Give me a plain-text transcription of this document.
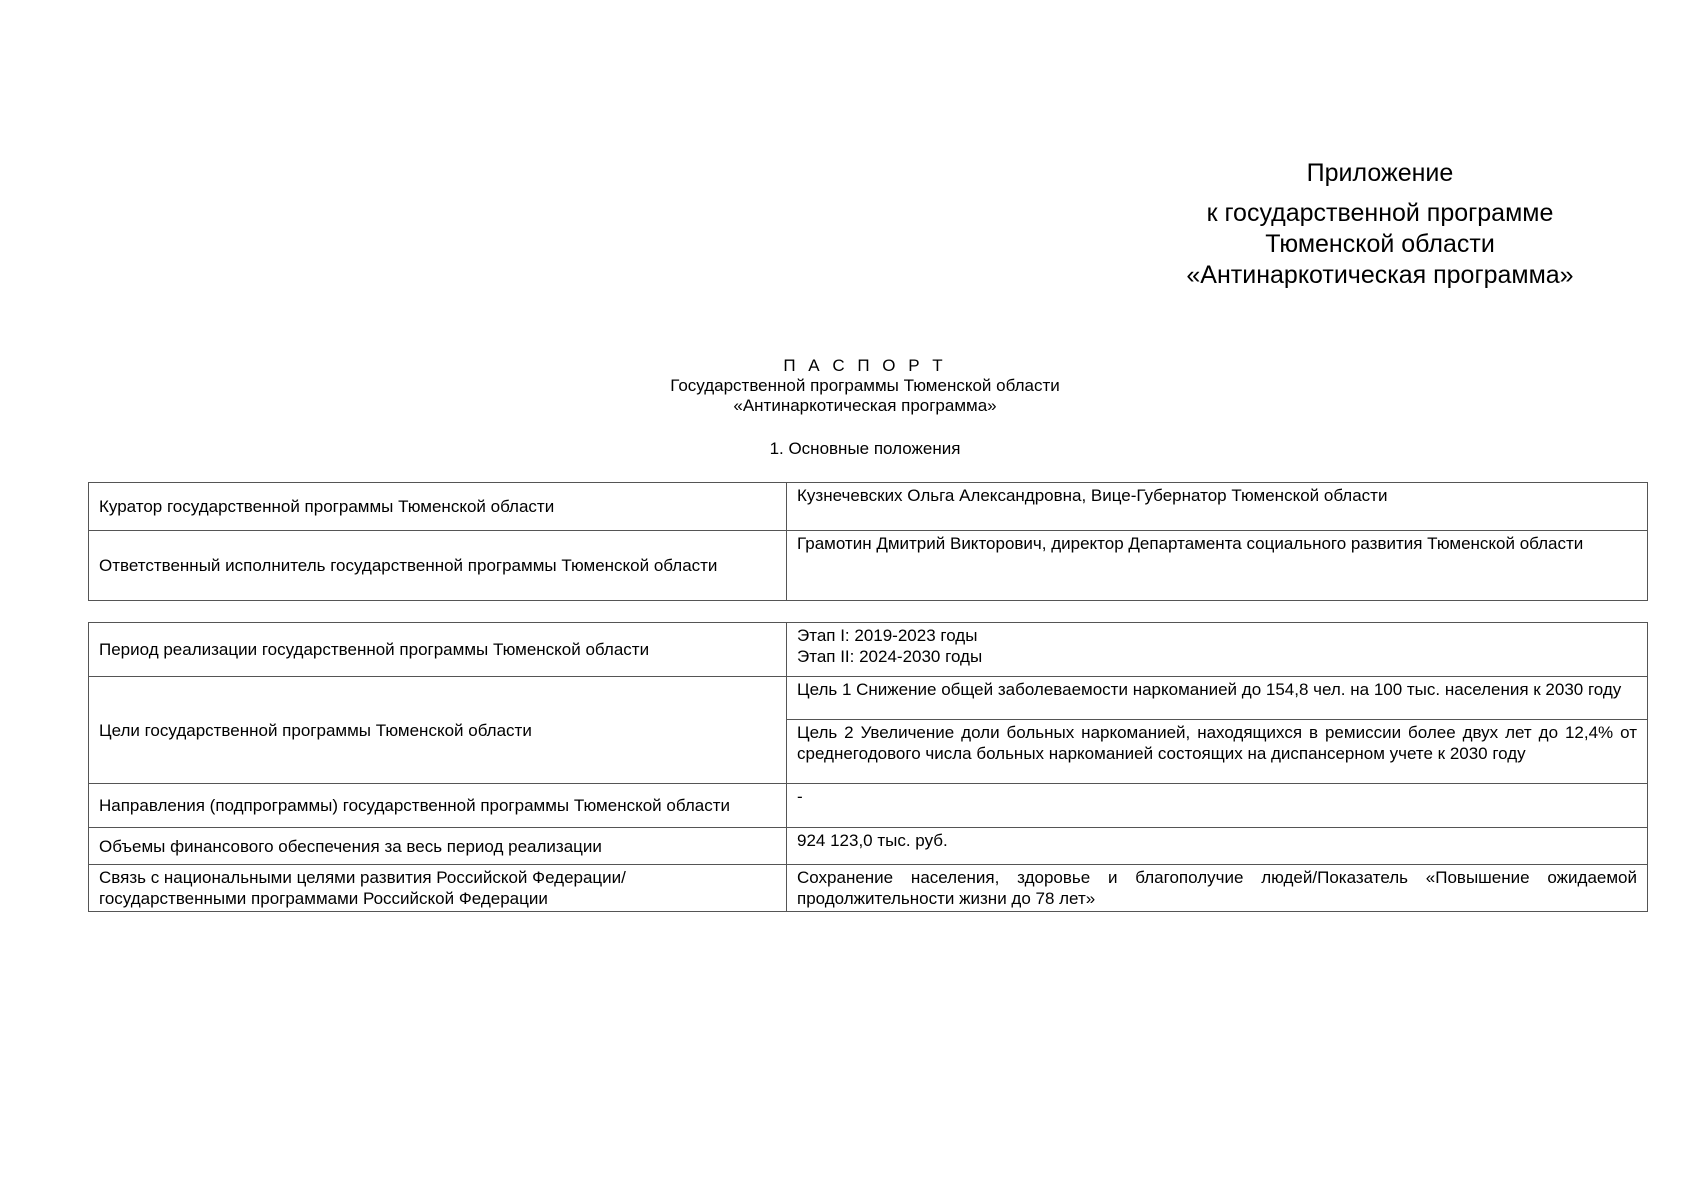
Приложение
к государственной программе
Тюменской области
«Антинаркотическая программа»
П А С П О Р Т
Государственной программы Тюменской области
«Антинаркотическая программа»
1. Основные положения
Куратор государственной программы Тюменской области	Кузнечевских Ольга Александровна, Вице-Губернатор Тюменской области
Ответственный исполнитель государственной программы Тюменской области	Грамотин Дмитрий Викторович, директор Департамента социального развития Тюменской области
Период реализации государственной программы Тюменской области	Этап I: 2019-2023 годы
Этап II: 2024-2030 годы

Цели государственной программы Тюменской области	Цель 1 Снижение общей заболеваемости наркоманией до 154,8 чел. на 100 тыс. населения к 2030 году
	Цель 2 Увеличение доли больных наркоманией, находящихся в ремиссии более двух лет до 12,4% от среднегодового числа больных наркоманией состоящих на диспансерном учете к 2030 году
Направления (подпрограммы) государственной программы Тюменской области	-
Объемы финансового обеспечения за весь период реализации	924 123,0 тыс. руб.
Связь с национальными целями развития Российской Федерации/ государственными программами Российской Федерации	Сохранение населения, здоровье и благополучие людей/Показатель «Повышение ожидаемой продолжительности жизни до 78 лет»
